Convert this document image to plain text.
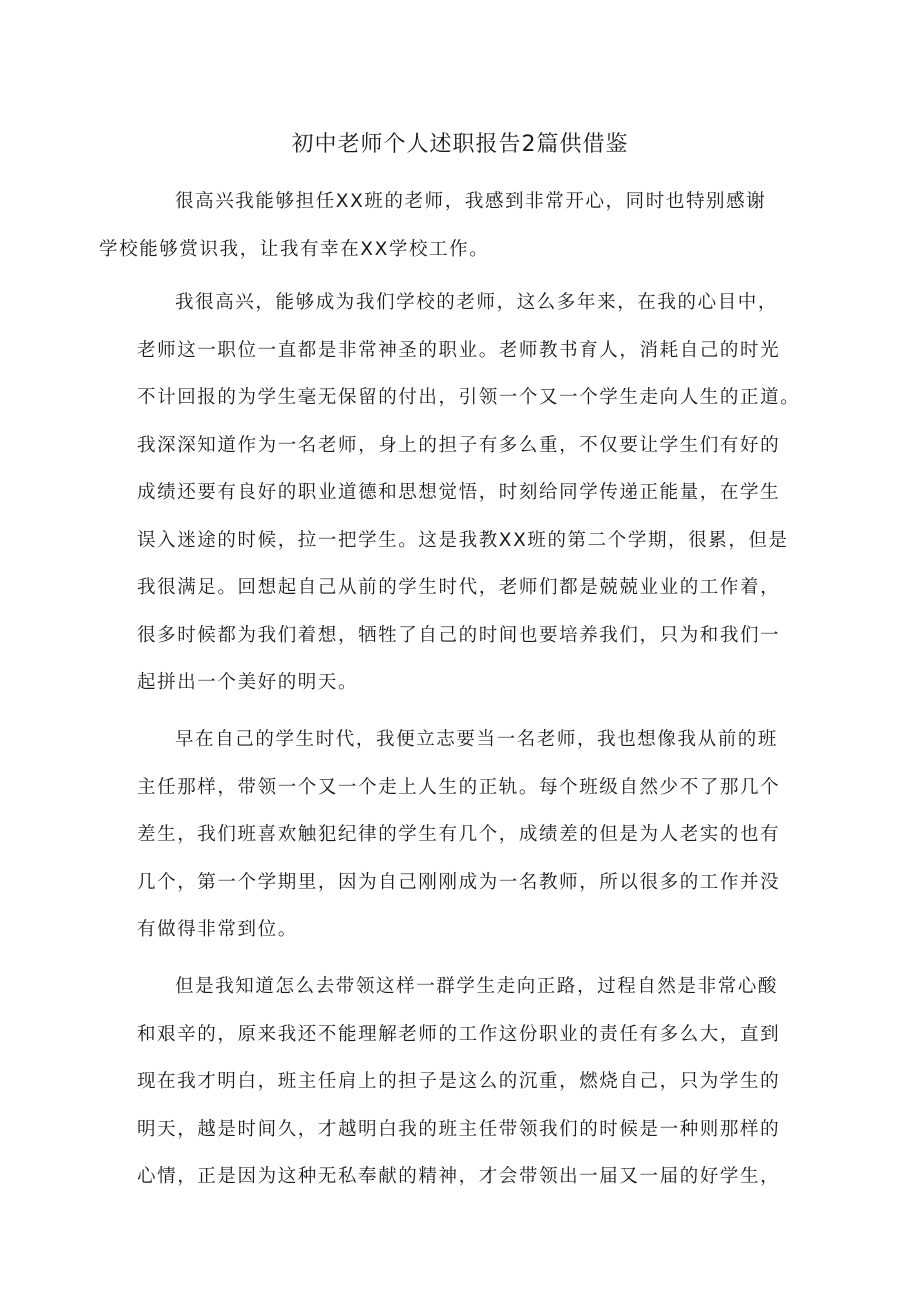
初中老师个人述职报告2篇供借鉴
很高兴我能够担任XX班的老师，我感到非常开心，同时也特别感谢
学校能够赏识我，让我有幸在XX学校工作。
我很高兴，能够成为我们学校的老师，这么多年来，在我的心目中，
老师这一职位一直都是非常神圣的职业。老师教书育人，消耗自己的时光
不计回报的为学生毫无保留的付出，引领一个又一个学生走向人生的正道。
我深深知道作为一名老师，身上的担子有多么重，不仅要让学生们有好的
成绩还要有良好的职业道德和思想觉悟，时刻给同学传递正能量，在学生
误入迷途的时候，拉一把学生。这是我教XX班的第二个学期，很累，但是
我很满足。回想起自己从前的学生时代，老师们都是兢兢业业的工作着，
很多时候都为我们着想，牺牲了自己的时间也要培养我们，只为和我们一
起拼出一个美好的明天。
早在自己的学生时代，我便立志要当一名老师，我也想像我从前的班
主任那样，带领一个又一个走上人生的正轨。每个班级自然少不了那几个
差生，我们班喜欢触犯纪律的学生有几个，成绩差的但是为人老实的也有
几个，第一个学期里，因为自己刚刚成为一名教师，所以很多的工作并没
有做得非常到位。
但是我知道怎么去带领这样一群学生走向正路，过程自然是非常心酸
和艰辛的，原来我还不能理解老师的工作这份职业的责任有多么大，直到
现在我才明白，班主任肩上的担子是这么的沉重，燃烧自己，只为学生的
明天，越是时间久，才越明白我的班主任带领我们的时候是一种则那样的
心情，正是因为这种无私奉献的精神，才会带领出一届又一届的好学生，
